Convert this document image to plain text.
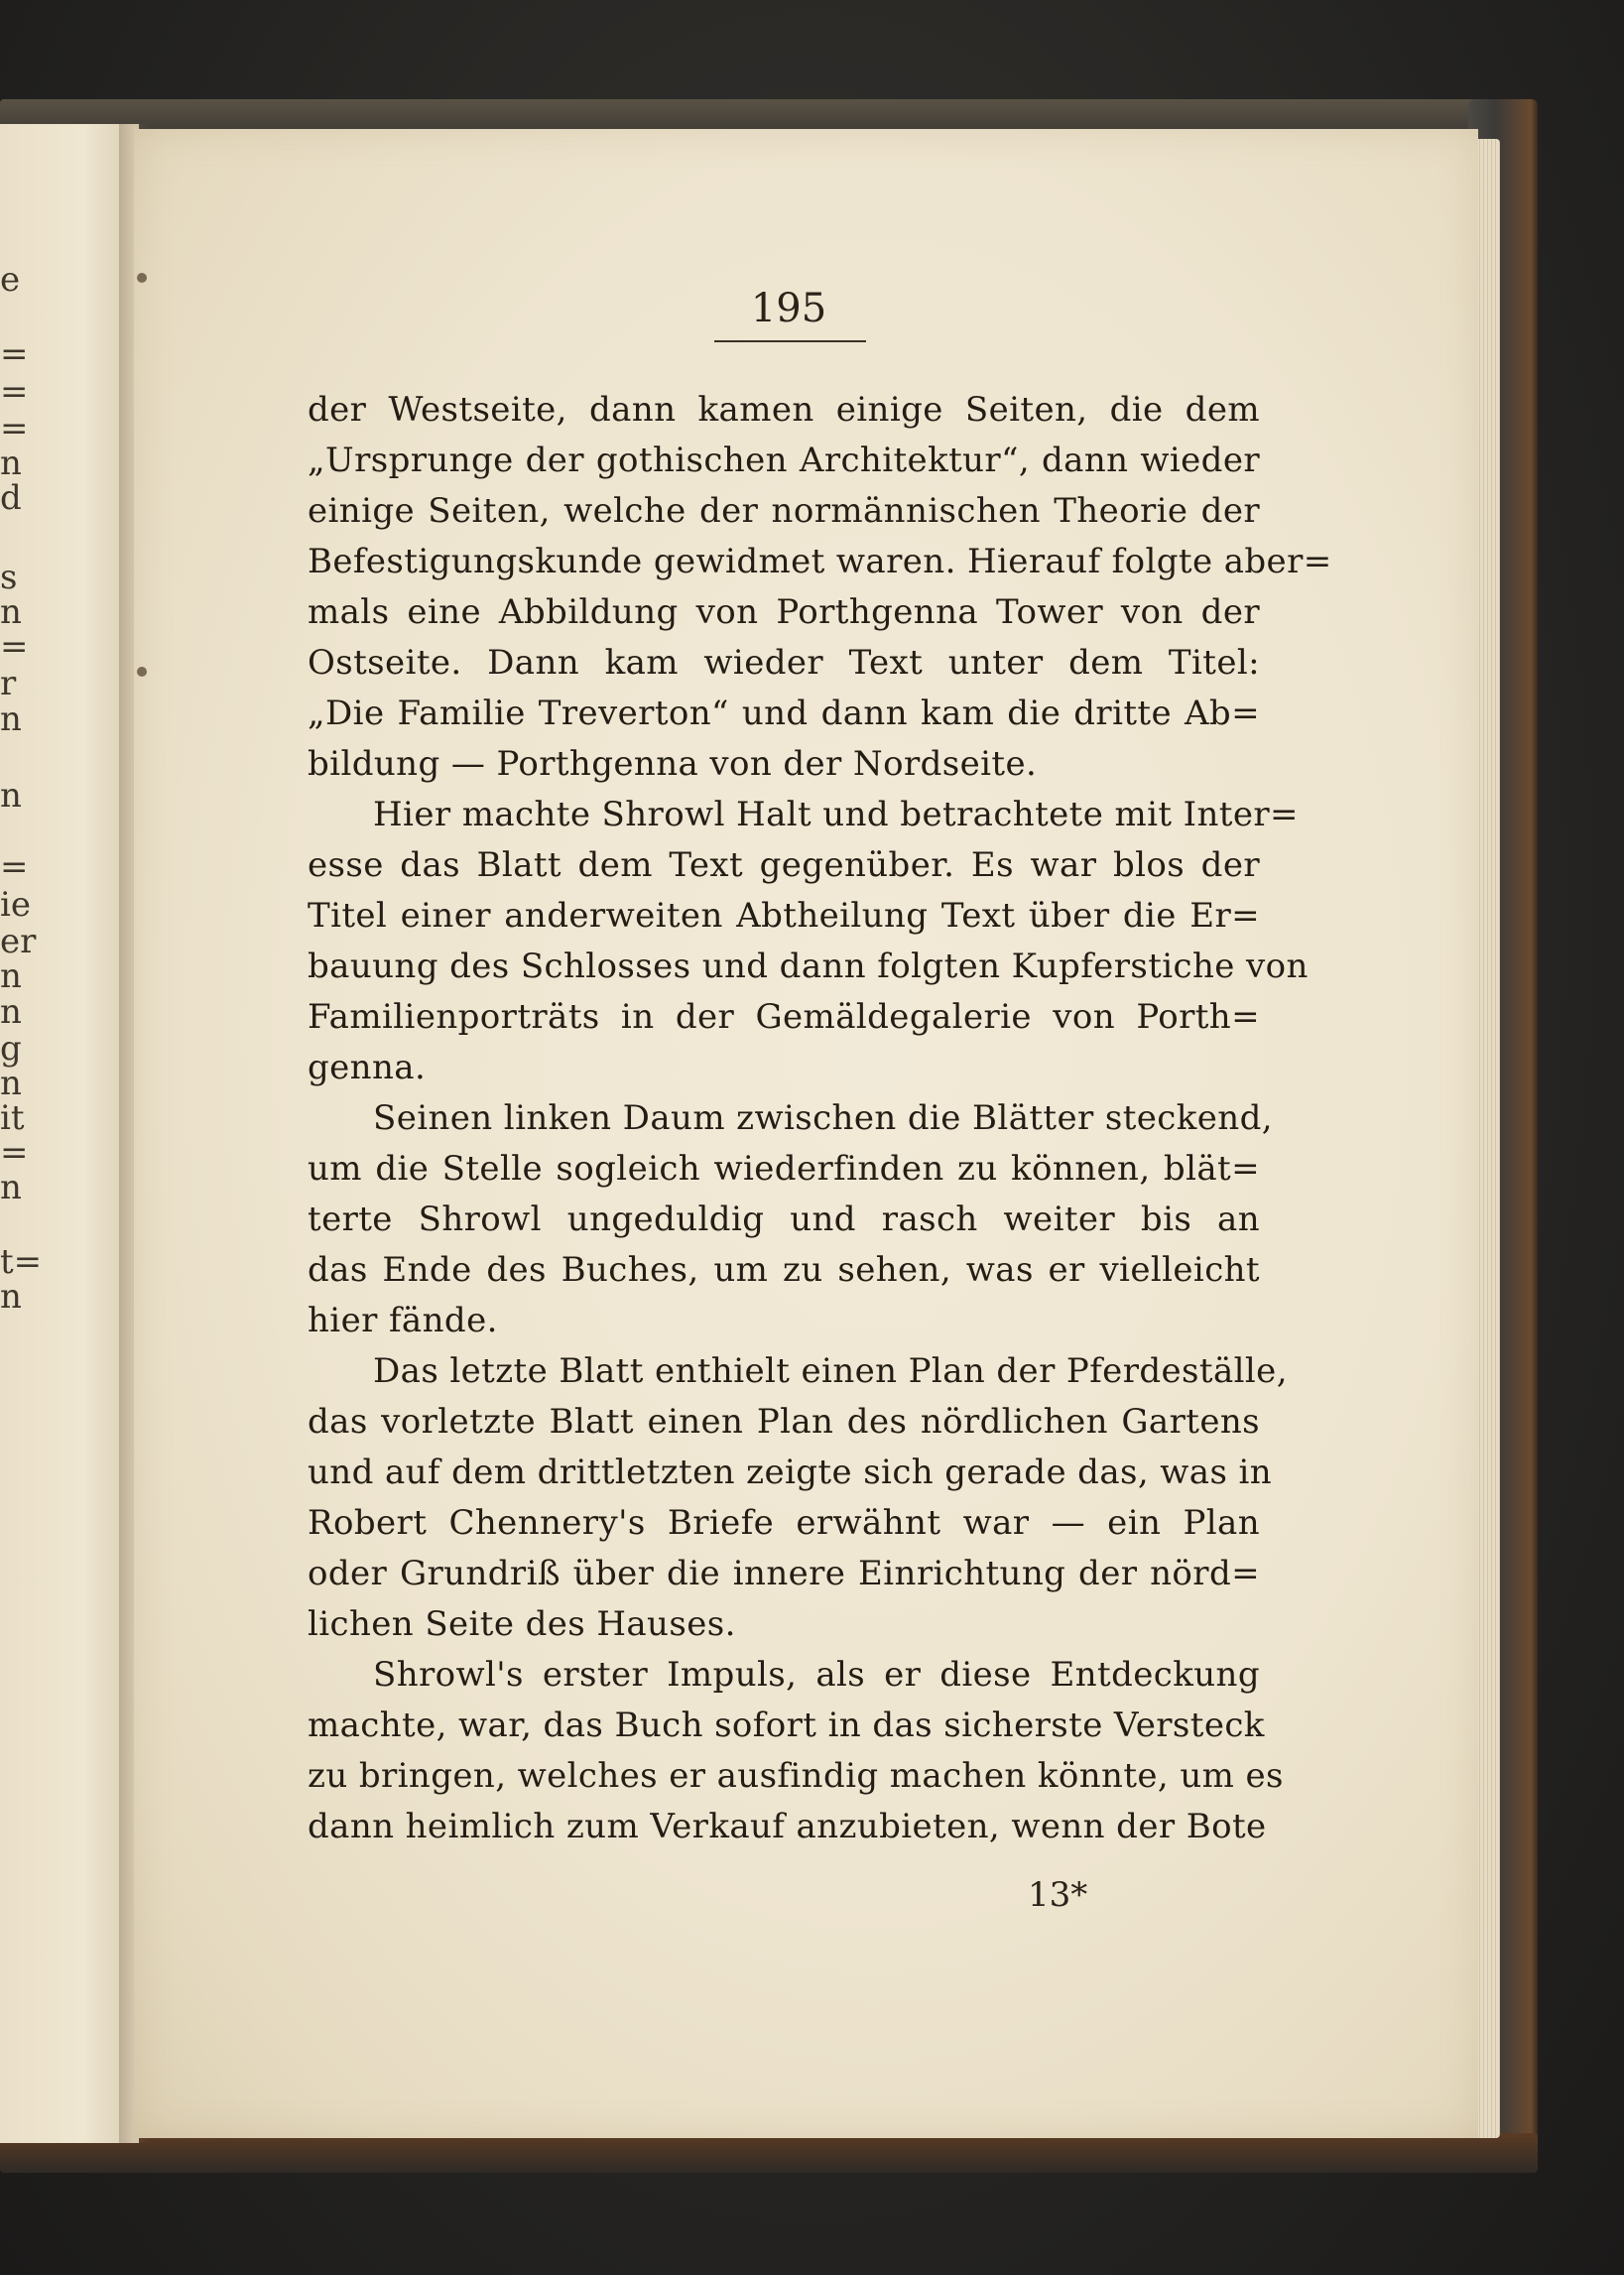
e
=
=
=
n
d
s
n
=
r
n
n
=
ie
er
n
n
g
n
it
=
n
t=
n
195
der Westseite, dann kamen einige Seiten, die dem
„Ursprunge der gothischen Architektur“, dann wieder
einige Seiten, welche der normännischen Theorie der
Befestigungskunde gewidmet waren. Hierauf folgte aber=
mals eine Abbildung von Porthgenna Tower von der
Ostseite. Dann kam wieder Text unter dem Titel:
„Die Familie Treverton“ und dann kam die dritte Ab=
bildung — Porthgenna von der Nordseite.
Hier machte Shrowl Halt und betrachtete mit Inter=
esse das Blatt dem Text gegenüber. Es war blos der
Titel einer anderweiten Abtheilung Text über die Er=
bauung des Schlosses und dann folgten Kupferstiche von
Familienporträts in der Gemäldegalerie von Porth=
genna.
Seinen linken Daum zwischen die Blätter steckend,
um die Stelle sogleich wiederfinden zu können, blät=
terte Shrowl ungeduldig und rasch weiter bis an
das Ende des Buches, um zu sehen, was er vielleicht
hier fände.
Das letzte Blatt enthielt einen Plan der Pferdeställe,
das vorletzte Blatt einen Plan des nördlichen Gartens
und auf dem drittletzten zeigte sich gerade das, was in
Robert Chennery's Briefe erwähnt war — ein Plan
oder Grundriß über die innere Einrichtung der nörd=
lichen Seite des Hauses.
Shrowl's erster Impuls, als er diese Entdeckung
machte, war, das Buch sofort in das sicherste Versteck
zu bringen, welches er ausfindig machen könnte, um es
dann heimlich zum Verkauf anzubieten, wenn der Bote
13*
